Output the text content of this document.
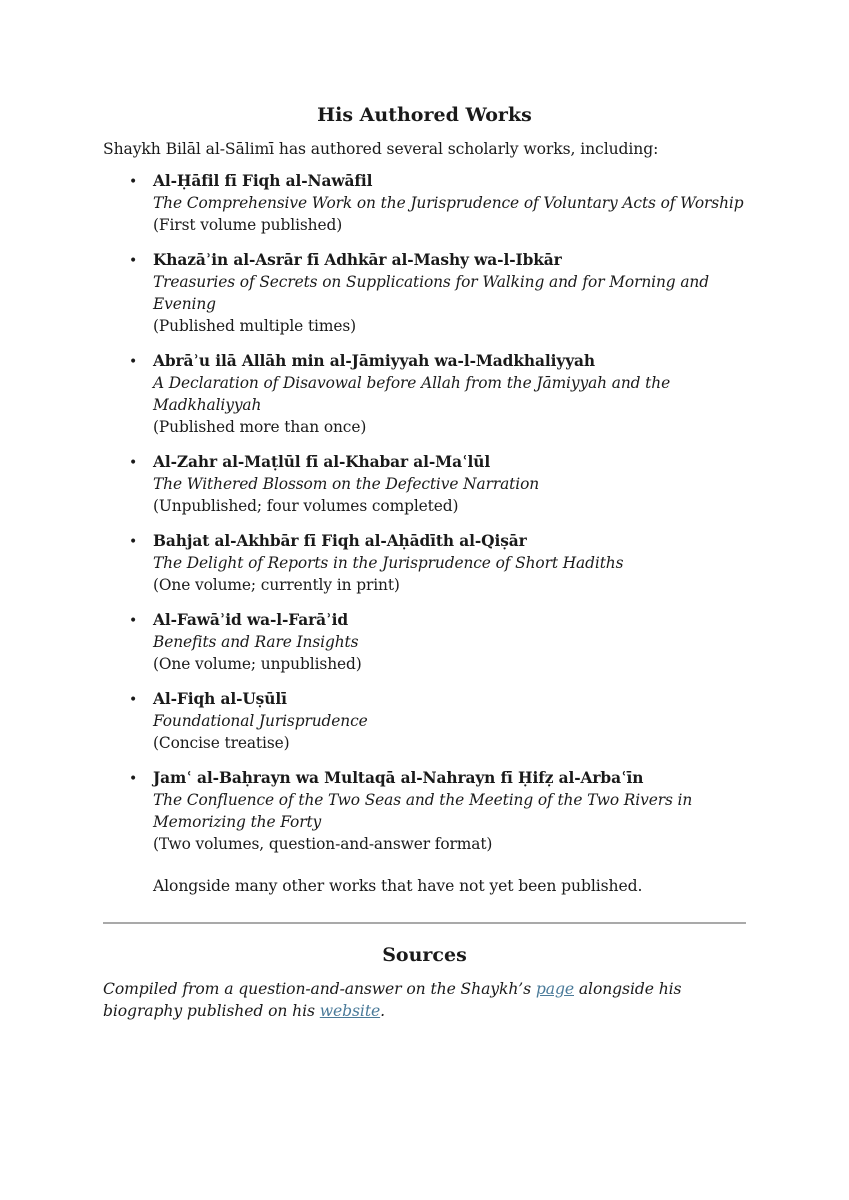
His Authored Works

Shaykh Bilāl al-Sālimī has authored several scholarly works, including:

• Al-Ḥāfil fī Fiqh al-Nawāfil
The Comprehensive Work on the Jurisprudence of Voluntary Acts of Worship
(First volume published)
• Khazāʾin al-Asrār fī Adhkār al-Mashy wa-l-Ibkār
Treasuries of Secrets on Supplications for Walking and for Morning and Evening
(Published multiple times)
• Abrāʾu ilā Allāh min al-Jāmiyyah wa-l-Madkhaliyyah
A Declaration of Disavowal before Allah from the Jāmiyyah and the Madkhaliyyah
(Published more than once)
• Al-Zahr al-Maṭlūl fī al-Khabar al-Maʿlūl
The Withered Blossom on the Defective Narration
(Unpublished; four volumes completed)
• Bahjat al-Akhbār fī Fiqh al-Aḥādīth al-Qiṣār
The Delight of Reports in the Jurisprudence of Short Hadiths
(One volume; currently in print)
• Al-Fawāʾid wa-l-Farāʾid
Benefits and Rare Insights
(One volume; unpublished)
• Al-Fiqh al-Uṣūlī
Foundational Jurisprudence
(Concise treatise)
• Jamʿ al-Baḥrayn wa Multaqā al-Nahrayn fī Ḥifẓ al-Arbaʿīn
The Confluence of the Two Seas and the Meeting of the Two Rivers in Memorizing the Forty
(Two volumes, question-and-answer format)

Alongside many other works that have not yet been published.

Sources

Compiled from a question-and-answer on the Shaykh’s page alongside his biography published on his website.
